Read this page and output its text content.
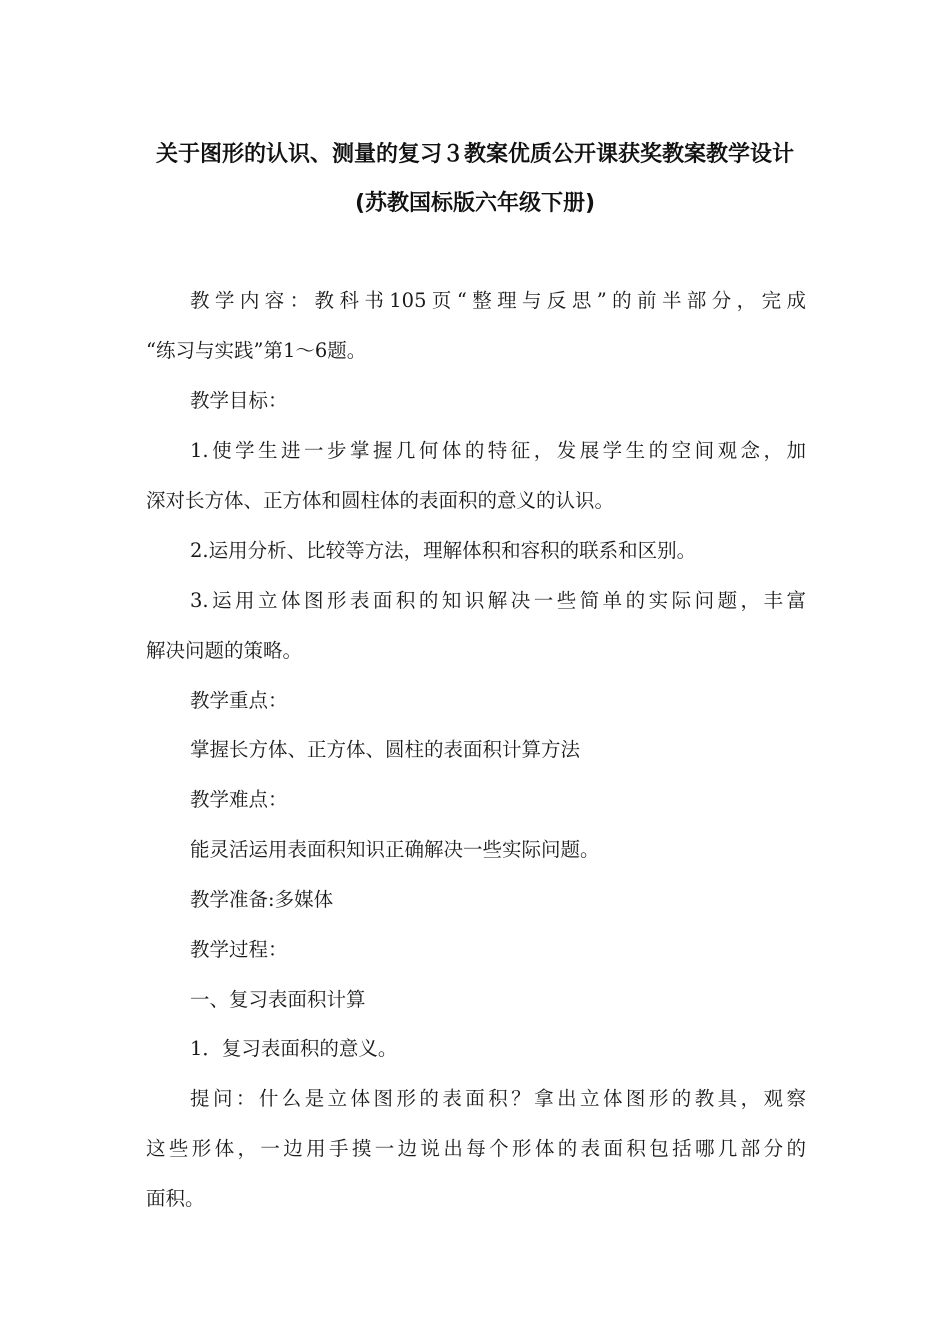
关于图形的认识、测量的复习３教案优质公开课获奖教案教学设计
(苏教国标版六年级下册)
教学内容：教科书105页“整理与反思”的前半部分，完成
“练习与实践”第1～6题。
教学目标：
1.使学生进一步掌握几何体的特征，发展学生的空间观念，加
深对长方体、正方体和圆柱体的表面积的意义的认识。
2.运用分析、比较等方法，理解体积和容积的联系和区别。
3.运用立体图形表面积的知识解决一些简单的实际问题，丰富
解决问题的策略。
教学重点：
掌握长方体、正方体、圆柱的表面积计算方法
教学难点：
能灵活运用表面积知识正确解决一些实际问题。
教学准备:多媒体
教学过程：
一、复习表面积计算
1．复习表面积的意义。
提问：什么是立体图形的表面积？拿出立体图形的教具，观察
这些形体，一边用手摸一边说出每个形体的表面积包括哪几部分的
面积。
